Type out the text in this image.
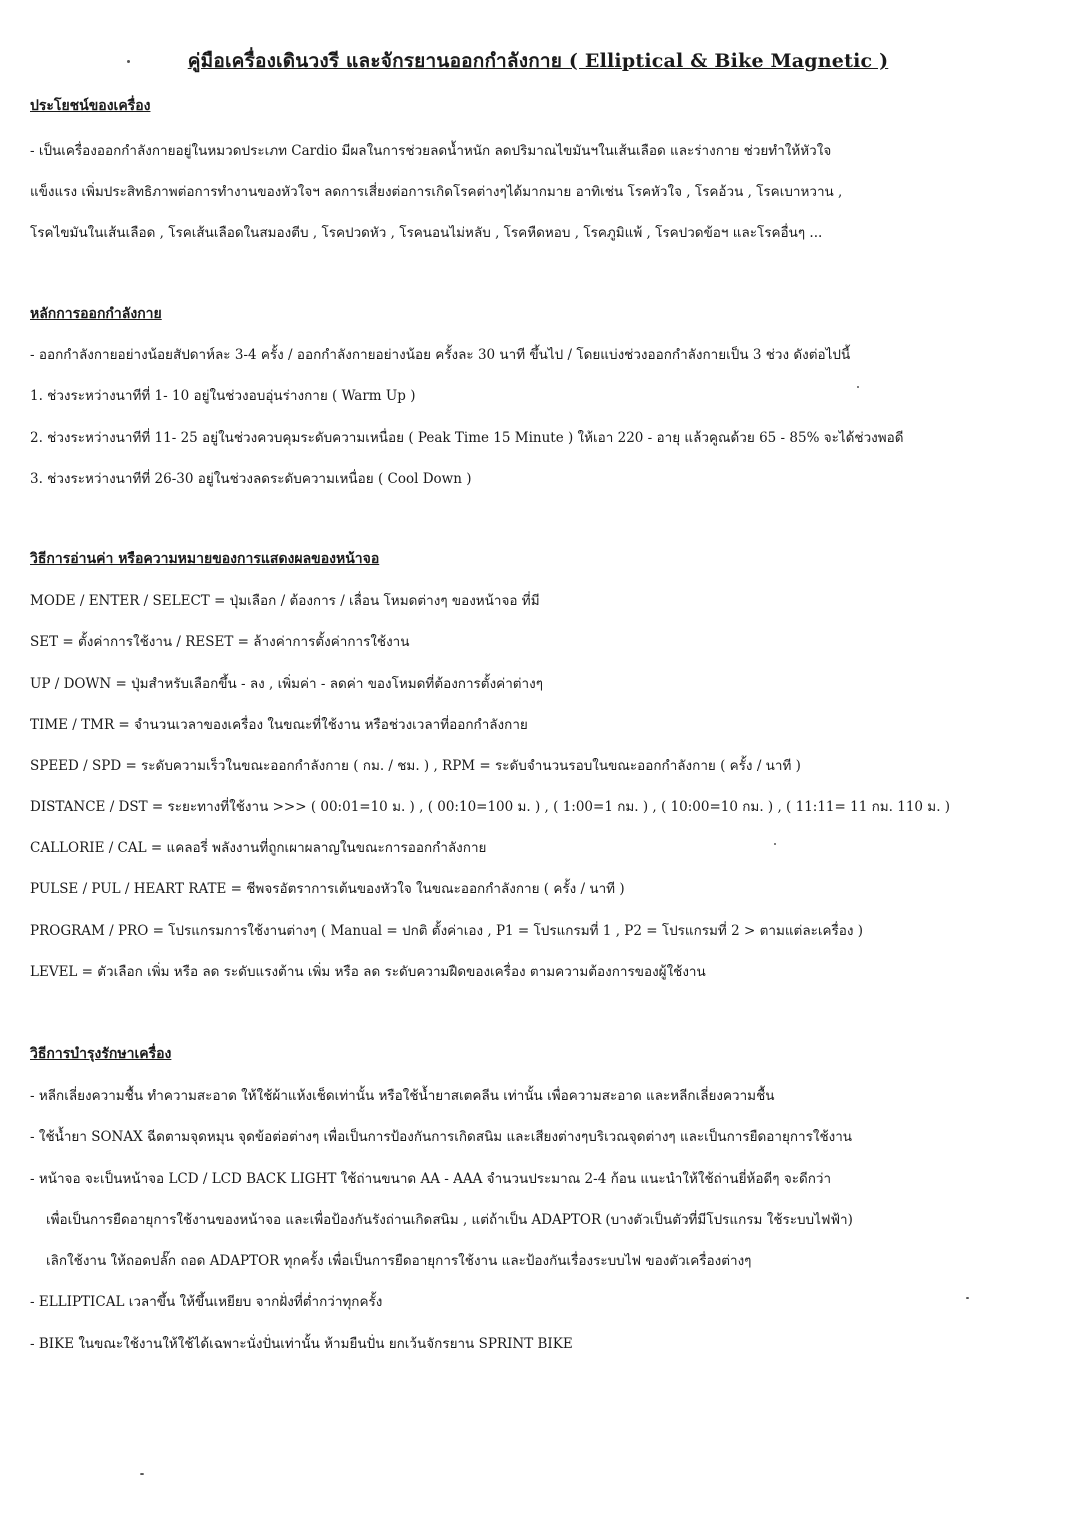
คู่มือเครื่องเดินวงรี และจักรยานออกกำลังกาย ( Elliptical & Bike Magnetic )
ประโยชน์ของเครื่อง
- เป็นเครื่องออกกำลังกายอยู่ในหมวดประเภท Cardio มีผลในการช่วยลดน้ำหนัก ลดปริมาณไขมันฯในเส้นเลือด และร่างกาย ช่วยทำให้หัวใจ
แข็งแรง เพิ่มประสิทธิภาพต่อการทำงานของหัวใจฯ ลดการเสี่ยงต่อการเกิดโรคต่างๆได้มากมาย อาทิเช่น โรคหัวใจ , โรคอ้วน , โรคเบาหวาน ,
โรคไขมันในเส้นเลือด , โรคเส้นเลือดในสมองตีบ , โรคปวดหัว , โรคนอนไม่หลับ , โรคหืดหอบ , โรคภูมิแพ้ , โรคปวดข้อฯ และโรคอื่นๆ ...
หลักการออกกำลังกาย
- ออกกำลังกายอย่างน้อยสัปดาห์ละ 3-4 ครั้ง / ออกกำลังกายอย่างน้อย ครั้งละ 30 นาที ขึ้นไป / โดยแบ่งช่วงออกกำลังกายเป็น 3 ช่วง ดังต่อไปนี้
1. ช่วงระหว่างนาทีที่ 1- 10 อยู่ในช่วงอบอุ่นร่างกาย ( Warm Up )
2. ช่วงระหว่างนาทีที่ 11- 25 อยู่ในช่วงควบคุมระดับความเหนื่อย ( Peak Time 15 Minute ) ให้เอา 220 - อายุ แล้วคูณด้วย 65 - 85% จะได้ช่วงพอดี
3. ช่วงระหว่างนาทีที่ 26-30 อยู่ในช่วงลดระดับความเหนื่อย ( Cool Down )
วิธีการอ่านค่า หรือความหมายของการแสดงผลของหน้าจอ
MODE / ENTER / SELECT = ปุ่มเลือก / ต้องการ / เลื่อน โหมดต่างๆ ของหน้าจอ ที่มี
SET = ตั้งค่าการใช้งาน / RESET = ล้างค่าการตั้งค่าการใช้งาน
UP / DOWN = ปุ่มสำหรับเลือกขึ้น - ลง , เพิ่มค่า - ลดค่า ของโหมดที่ต้องการตั้งค่าต่างๆ
TIME / TMR = จำนวนเวลาของเครื่อง ในขณะที่ใช้งาน หรือช่วงเวลาที่ออกกำลังกาย
SPEED / SPD = ระดับความเร็วในขณะออกกำลังกาย ( กม. / ชม. ) , RPM = ระดับจำนวนรอบในขณะออกกำลังกาย ( ครั้ง / นาที )
DISTANCE / DST = ระยะทางที่ใช้งาน >>> ( 00:01=10 ม. ) , ( 00:10=100 ม. ) , ( 1:00=1 กม. ) , ( 10:00=10 กม. ) , ( 11:11= 11 กม. 110 ม. )
CALLORIE / CAL = แคลอรี่ พลังงานที่ถูกเผาผลาญในขณะการออกกำลังกาย
PULSE / PUL / HEART RATE = ชีพจรอัตราการเต้นของหัวใจ ในขณะออกกำลังกาย ( ครั้ง / นาที )
PROGRAM / PRO = โปรแกรมการใช้งานต่างๆ ( Manual = ปกติ ตั้งค่าเอง , P1 = โปรแกรมที่ 1 , P2 = โปรแกรมที่ 2 > ตามแต่ละเครื่อง )
LEVEL = ตัวเลือก เพิ่ม หรือ ลด ระดับแรงต้าน เพิ่ม หรือ ลด ระดับความฝืดของเครื่อง ตามความต้องการของผู้ใช้งาน
วิธีการบำรุงรักษาเครื่อง
- หลีกเลี่ยงความชื้น ทำความสะอาด ให้ใช้ผ้าแห้งเช็ดเท่านั้น หรือใช้น้ำยาสเตคลีน เท่านั้น เพื่อความสะอาด และหลีกเลี่ยงความชื้น
- ใช้น้ำยา SONAX ฉีดตามจุดหมุน จุดข้อต่อต่างๆ เพื่อเป็นการป้องกันการเกิดสนิม และเสียงต่างๆบริเวณจุดต่างๆ และเป็นการยืดอายุการใช้งาน
- หน้าจอ จะเป็นหน้าจอ LCD / LCD BACK LIGHT ใช้ถ่านขนาด AA - AAA จำนวนประมาณ 2-4 ก้อน แนะนำให้ใช้ถ่านยี่ห้อดีๆ จะดีกว่า
เพื่อเป็นการยืดอายุการใช้งานของหน้าจอ และเพื่อป้องกันรังถ่านเกิดสนิม , แต่ถ้าเป็น ADAPTOR (บางตัวเป็นตัวที่มีโปรแกรม ใช้ระบบไฟฟ้า)
เลิกใช้งาน ให้ถอดปลั๊ก ถอด ADAPTOR ทุกครั้ง เพื่อเป็นการยืดอายุการใช้งาน และป้องกันเรื่องระบบไฟ ของตัวเครื่องต่างๆ
- ELLIPTICAL เวลาขึ้น ให้ขึ้นเหยียบ จากฝั่งที่ต่ำกว่าทุกครั้ง
- BIKE ในขณะใช้งานให้ใช้ได้เฉพาะนั่งปั่นเท่านั้น ห้ามยืนปั่น ยกเว้นจักรยาน SPRINT BIKE
